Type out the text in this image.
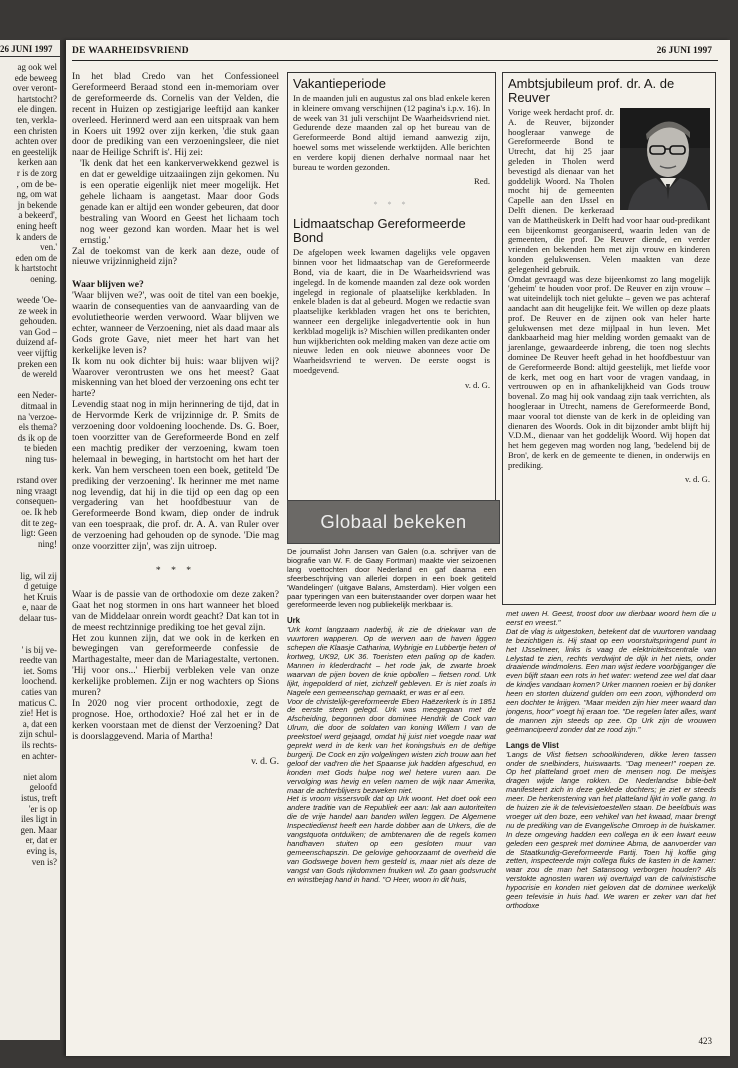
26 JUNI 1997
ag ook wel
ede beweeg
over veront-
hartstocht?
ele dingen.
ten, verkla-
een christen
achten over
en geestelijk
kerken aan
r is de zorg
, om de be-
ng, om wat
jn bekende
a bekeerd',
ening heeft
k anders de
ven.'
eden om de
k hartstocht
oening.

weede 'Oe-
ze week in
gehouden.
van God –
duizend af-
veer vijftig
preken een
de wereld

een Neder-
ditmaal in
na 'verzoe-
els thema?
ds ik op de
te bieden
ning tus-

rstand over
ning vraagt
consequen-
oe. Ik heb
dit te zeg-
ligt: Geen
ning!

lig, wil zij
d getuige
het Kruis
e, naar de
delaar tus-

' is bij ve-
reedte van
iet. Soms
loochend.
caties van
maticus C.
zie! Het is
a, dat een
zijn schul-
ils rechts-
en achter-

niet alom
geloofd
istus, treft
'er is op
iles ligt in
gen. Maar
er, dat er
eving is,
ven is?
DE WAARHEIDSVRIEND	26 JUNI 1997

In het blad Credo van het Confessioneel Gereformeerd Beraad stond een in-memoriam over de gereformeerde ds. Cornelis van der Velden, die recent in Huizen op zestigjarige leeftijd aan kanker overleed. Herinnerd werd aan een uitspraak van hem in Koers uit 1992 over zijn kerken, 'die stuk gaan door de prediking van een verzoeningsleer, die niet naar de Heilige Schrift is'. Hij zei:

'Ik denk dat het een kankerverwekkend gezwel is en dat er geweldige uitzaaiingen zijn gekomen. Nu is een operatie eigenlijk niet meer mogelijk. Het gehele lichaam is aangetast. Maar door Gods genade kan er altijd een wonder gebeuren, dat door bestraling van Woord en Geest het lichaam toch nog weer gezond kan worden. Maar het is wel ernstig.'

Zal de toekomst van de kerk aan deze, oude of nieuwe vrijzinnigheid zijn?

Waar blijven we?

'Waar blijven we?', was ooit de titel van een boekje, waarin de consequenties van de aanvaarding van de evolutietheorie werden verwoord. Waar blijven we echter, wanneer de Verzoening, niet als daad maar als Gods grote Gave, niet meer het hart van het kerkelijke leven is?

Ik kom nu ook dichter bij huis: waar blijven wij? Waarover verontrusten we ons het meest? Gaat miskenning van het bloed der verzoening ons echt ter harte?

Levendig staat nog in mijn herinnering de tijd, dat in de Hervormde Kerk de vrijzinnige dr. P. Smits de verzoening door voldoening loochende. Ds. G. Boer, toen voorzitter van de Gereformeerde Bond en zelf een machtig prediker der verzoening, kwam toen helemaal in beweging, in hartstocht om het hart der kerk. Van hem verscheen toen een boek, getiteld 'De prediking der verzoening'. Ik herinner me met name nog levendig, dat hij in die tijd op een dag op een vergadering van het hoofdbestuur van de Gereformeerde Bond kwam, diep onder de indruk van een toespraak, die prof. dr. A. A. van Ruler over de verzoening had gehouden op de synode. 'Die mag onze voorzitter zijn', was zijn uitroep.

* * *

Waar is de passie van de orthodoxie om deze zaken? Gaat het nog stormen in ons hart wanneer het bloed van de Middelaar onrein wordt geacht? Dat kan tot in de meest rechtzinnige prediking toe het geval zijn.

Het zou kunnen zijn, dat we ook in de kerken en bewegingen van gereformeerde confessie de Marthagestalte, meer dan de Mariagestalte, vertonen. 'Hij voor ons...' Hierbij verbleken vele van onze kerkelijke problemen. Zijn er nog wachters op Sions muren?

In 2020 nog vier procent orthodoxie, zegt de prognose. Hoe, orthodoxie? Hoé zal het er in de kerken voorstaan met de dienst der Verzoening? Dat is doorslaggevend. Maria of Martha!

v. d. G.

Vakantieperiode

In de maanden juli en augustus zal ons blad enkele keren in kleinere omvang verschijnen (12 pagina's i.p.v. 16). In de week van 31 juli verschijnt De Waarheidsvriend niet. Gedurende deze maanden zal op het bureau van de Gereformeerde Bond altijd iemand aanwezig zijn, hoewel soms met wisselende werktijden. Alle berichten en verdere kopij dienen derhalve normaal naar het bureau te worden gezonden.

Red.
* * *
Lidmaatschap Gereformeerde Bond

De afgelopen week kwamen dagelijks vele opgaven binnen voor het lidmaatschap van de Gereformeerde Bond, via de kaart, die in De Waarheidsvriend was ingelegd. In de komende maanden zal deze ook worden ingelegd in regionale of plaatselijke kerkbladen. In enkele bladen is dat al gebeurd. Mogen we redactie svan plaatselijke kerkbladen vragen het ons te berichten, wanneer een dergelijke inlegadvertentie ook in hun kerkblad mogelijk is? Mischien willen predikanten onder hun wijkberichten ook melding maken van deze actie om nieuwe leden en ook nieuwe abonnees voor De Waarheidsvriend te werven. De eerste oogst is moedgevend.

v. d. G.
Ambtsjubileum prof. dr. A. de Reuver

Vorige week herdacht prof. dr. A. de Reuver, bijzonder hoogleraar vanwege de Gereformeerde Bond te Utrecht, dat hij 25 jaar geleden in Tholen werd bevestigd als dienaar van het goddelijk Woord. Na Tholen mocht hij de gemeenten Capelle aan den IJssel en Delft dienen. De kerkeraad van de Mattheüskerk in Delft had voor haar oud-predikant een bijeenkomst georganiseerd, waarin leden van de gemeenten, die prof. De Reuver diende, en verder vrienden en bekenden hem met zijn vrouw en kinderen konden gelukwensen. Velen maakten van deze gelegenheid gebruik.

Omdat gevraagd was deze bijeenkomst zo lang mogelijk 'geheim' te houden voor prof. De Reuver en zijn vrouw – wat uiteindelijk toch niet gelukte – geven we pas achteraf aandacht aan dit heugelijke feit. We willen op deze plaats prof. De Reuver en de zijnen ook van heler harte gelukwensen met deze mijlpaal in hun leven. Met dankbaarheid mag hier melding worden gemaakt van de jarenlange, gewaardeerde inbreng, die toen nog slechts dominee De Reuver heeft gehad in het hoofdbestuur van de Gereformeerde Bond: altijd geestelijk, met liefde voor de kerk, met oog en hart voor de vragen vandaag, in vertrouwen op en in afhankelijkheid van Gods trouw bovenal. Zo mag hij ook vandaag zijn taak verrichten, als hoogleraar in Utrecht, namens de Gereformeerde Bond, maar vooral tot dienste van de kerk in de opleiding van dienaren des Woords. Ook in dit bijzonder ambt blijft hij V.D.M., dienaar van het goddelijk Woord. Wij hopen dat het hem gegeven mag worden nog lang, 'bedelend bij de Bron', de kerk en de gemeente te dienen, in onderwijs en prediking.

v. d. G.
Globaal bekeken

De journalist John Jansen van Galen (o.a. schrijver van de biografie van W. F. de Gaay Fortman) maakte vier seizoenen lang voettochten door Nederland en gaf daarna een sfeerbeschrijving van allerlei dorpen in een boek getiteld 'Wandelingen' (uitgave Balans, Amsterdam). Hier volgen een paar typeringen van een buitenstaander over dorpen waar het gereformeerde leven nog publiekelijk merkbaar is.

Urk

'Urk komt langzaam naderbij, ik zie de driekwar van de vuurtoren wapperen. Op de werven aan de haven liggen schepen die Klaasje Catharina, Wybrigje en Lubbertje heten of kortweg, UK92, UK 36. Toeristen eten paling op de kaden. Mannen in klederdracht – het rode jak, de zwarte broek waarvan de pijen boven de knie opbollen – fietsen rond. Urk lijkt, ingepolderd of niet, zichzelf gebleven. Er is niet zoals in Nagele een gemeenschap gemaakt, er was er al een.

Voor de christelijk-gereformeerde Eben Haëzerkerk is in 1851 de eerste steen gelegd. Urk was meegegaan met de Afscheiding, begonnen door dominee Hendrik de Cock van Ulrum, die door de soldaten van koning Willem I van de preekstoel werd gejaagd, omdat hij juist niet voegde naar wat geprekt werd in de kerk van het koningshuis en de deftige burgerij. De Cock en zijn volgelingen wisten zich trouw aan het geloof der vad'ren die het Spaanse juk hadden afgeschud, en konden met Gods hulpe nog wel hetere vuren aan. De vervolging was hevig en velen namen de wijk naar Amerika, maar de achterblijvers bezweken niet.

Het is vroom vissersvolk dat op Urk woont. Het doet ook een andere traditie van de Republiek eer aan: lak aan autoriteiten die de vrije handel aan banden willen leggen. De Algemene Inspectiedienst heeft een harde dobber aan de Urkers, die de vangstquota ontduiken; de ambtenaren die de regels komen handhaven stuiten op een gesloten muur van gemeenschapszin. De gelovige gehoorzaamt de overheid die van Godswege boven hem gesteld is, maar niet als deze de vangst van Gods rijkdommen fnuiken wil. Zo gaan godsvrucht en winstbejag hand in hand. "O Heer, woon in dit huis,

met uwen H. Geest, troost door uw dierbaar woord hem die u eerst en vreest."

Dat de vlag is uitgestoken, betekent dat de vuurtoren vandaag te bezichtigen is. Hij staat op een voorstuitspringend punt in het IJsselmeer, links is vaag de elektriciteitscentrale van Lelystad te zien, rechts verdwijnt de dijk in het niets, onder draaiende windmolens. Een man wijst iedere voorbijganger die even blijft staan een rots in het water: wetend zee wel dat daar de kindjes vandaan komen? Urker mannen roeien er bij donker heen en storten duizend gulden om een zoon, vijfhonderd om een dochter te krijgen. "Maar meiden zijn hier meer waard dan jongens, hoor" voegt hij eraan toe. "De regelen later alles, want de mannen zijn steeds op zee. Op Urk zijn de vrouwen geëmancipeerd zonder dat ze rood zijn."

Langs de Vlist

'Langs de Vlist fietsen schoolkinderen, dikke leren tassen onder de snelbinders, huiswaarts. "Dag meneer!" roepen ze. Op het platteland groet men de mensen nog. De meisjes dragen wijde lange rokken. De Nederlandse bible-belt manifesteert zich in deze geklede dochters; je ziet er steeds meer. De herkenstening van het platteland lijkt in volle gang. In de huizen zie ik de televisietoestellen staan. De beeldbuis was vroeger uit den boze, een vehikel van het kwaad, maar brengt nu de prediking van de Evangelische Omroep in de huiskamer. In deze omgeving hadden een collega en ik een kwart eeuw geleden een gesprek met dominee Abma, de aanvoerder van de Staatkundig-Gereformeerde Partij. Toen hij koffie ging zetten, inspecteerde mijn collega fluks de kasten in de kamer: waar zou de man het Satansoog verborgen houden? Als verstokte agnosten waren wij overtuigd van de calvinistische hypocrisie en konden niet geloven dat de dominee werkelijk geen televisie in huis had. We waren er zeker van dat het orthodoxe

423
